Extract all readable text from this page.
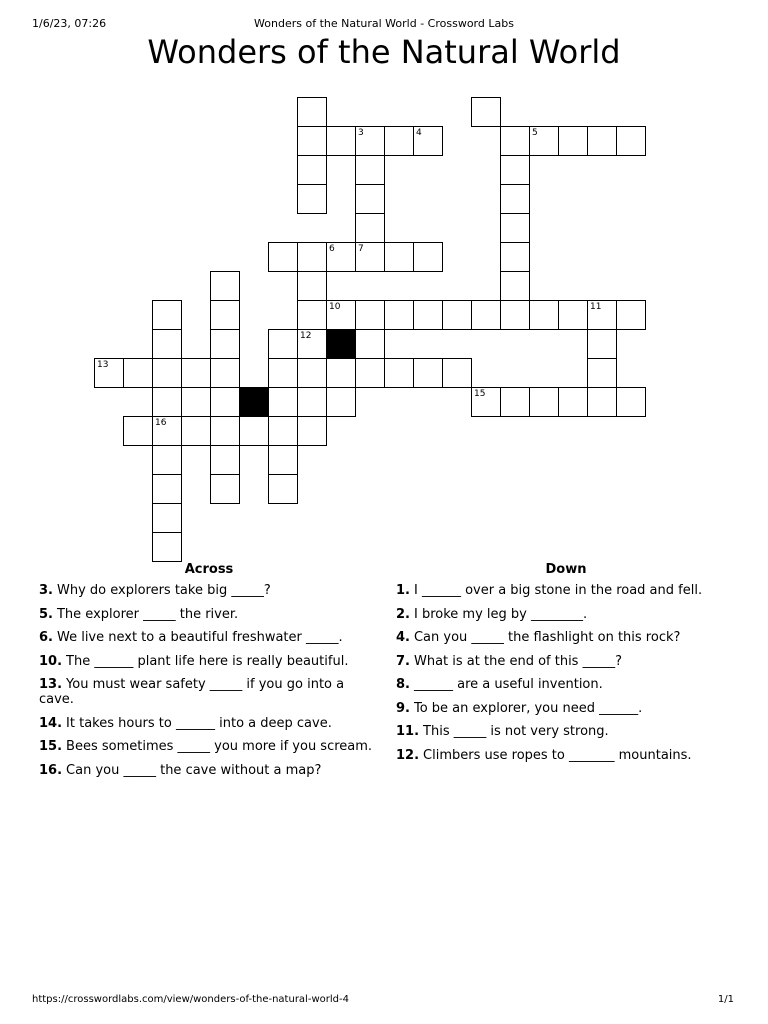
1/6/23, 07:26	Wonders of the Natural World - Crossword Labs
Wonders of the Natural World
3	4	5
6	7
10	11
12
13
15
16
Across
3. Why do explorers take big _____?
5. The explorer _____ the river.
6. We live next to a beautiful freshwater _____.
10. The ______ plant life here is really beautiful.
13. You must wear safety _____ if you go into a cave.
14. It takes hours to ______ into a deep cave.
15. Bees sometimes _____ you more if you scream.
16. Can you _____ the cave without a map?
Down
1. I ______ over a big stone in the road and fell.
2. I broke my leg by ________.
4. Can you _____ the flashlight on this rock?
7. What is at the end of this _____?
8. ______ are a useful invention.
9. To be an explorer, you need ______.
11. This _____ is not very strong.
12. Climbers use ropes to _______ mountains.
https://crosswordlabs.com/view/wonders-of-the-natural-world-4	1/1
